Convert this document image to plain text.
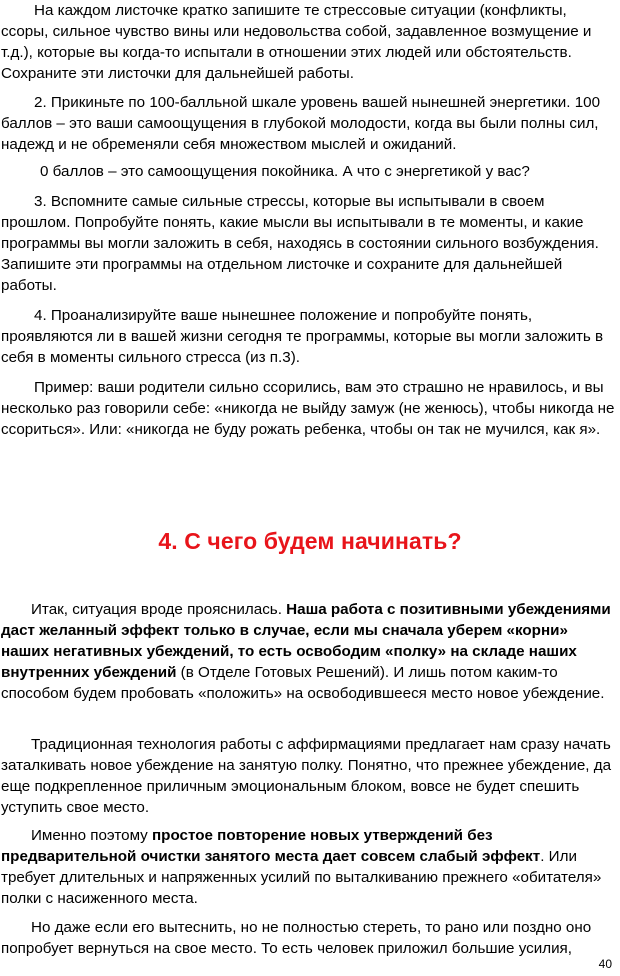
На каждом листочке кратко запишите те стрессовые ситуации (конфликты, ссоры, сильное чувство вины или недовольства собой, задавленное возмущение и т.д.), которые вы когда-то испытали в отношении этих людей или обстоятельств. Сохраните эти листочки для дальнейшей работы.

2. Прикиньте по 100-балльной шкале уровень вашей нынешней энергетики. 100 баллов – это ваши самоощущения в глубокой молодости, когда вы были полны сил, надежд и не обременяли себя множеством мыслей и ожиданий.

0 баллов – это самоощущения покойника. А что с энергетикой у вас?

3. Вспомните самые сильные стрессы, которые вы испытывали в своем прошлом. Попробуйте понять, какие мысли вы испытывали в те моменты, и какие программы вы могли заложить в себя, находясь в состоянии сильного возбуждения. Запишите эти программы на отдельном листочке и сохраните для дальнейшей работы.

4. Проанализируйте ваше нынешнее положение и попробуйте понять, проявляются ли в вашей жизни сегодня те программы, которые вы могли заложить в себя в моменты сильного стресса (из п.3).

Пример: ваши родители сильно ссорились, вам это страшно не нравилось, и вы несколько раз говорили себе: «никогда не выйду замуж (не женюсь), чтобы никогда не ссориться». Или: «никогда не буду рожать ребенка, чтобы он так не мучился, как я».

4. С чего будем начинать?

Итак, ситуация вроде прояснилась. Наша работа с позитивными убеждениями даст желанный эффект только в случае, если мы сначала уберем «корни» наших негативных убеждений, то есть освободим «полку» на складе наших внутренних убеждений (в Отделе Готовых Решений). И лишь потом каким-то способом будем пробовать «положить» на освободившееся место новое убеждение.

Традиционная технология работы с аффирмациями предлагает нам сразу начать заталкивать новое убеждение на занятую полку. Понятно, что прежнее убеждение, да еще подкрепленное приличным эмоциональным блоком, вовсе не будет спешить уступить свое место.

Именно поэтому простое повторение новых утверждений без предварительной очистки занятого места дает совсем слабый эффект. Или требует длительных и напряженных усилий по выталкиванию прежнего «обитателя» полки с насиженного места.

Но даже если его вытеснить, но не полностью стереть, то рано или поздно оно попробует вернуться на свое место. То есть человек приложил большие усилия,

40
